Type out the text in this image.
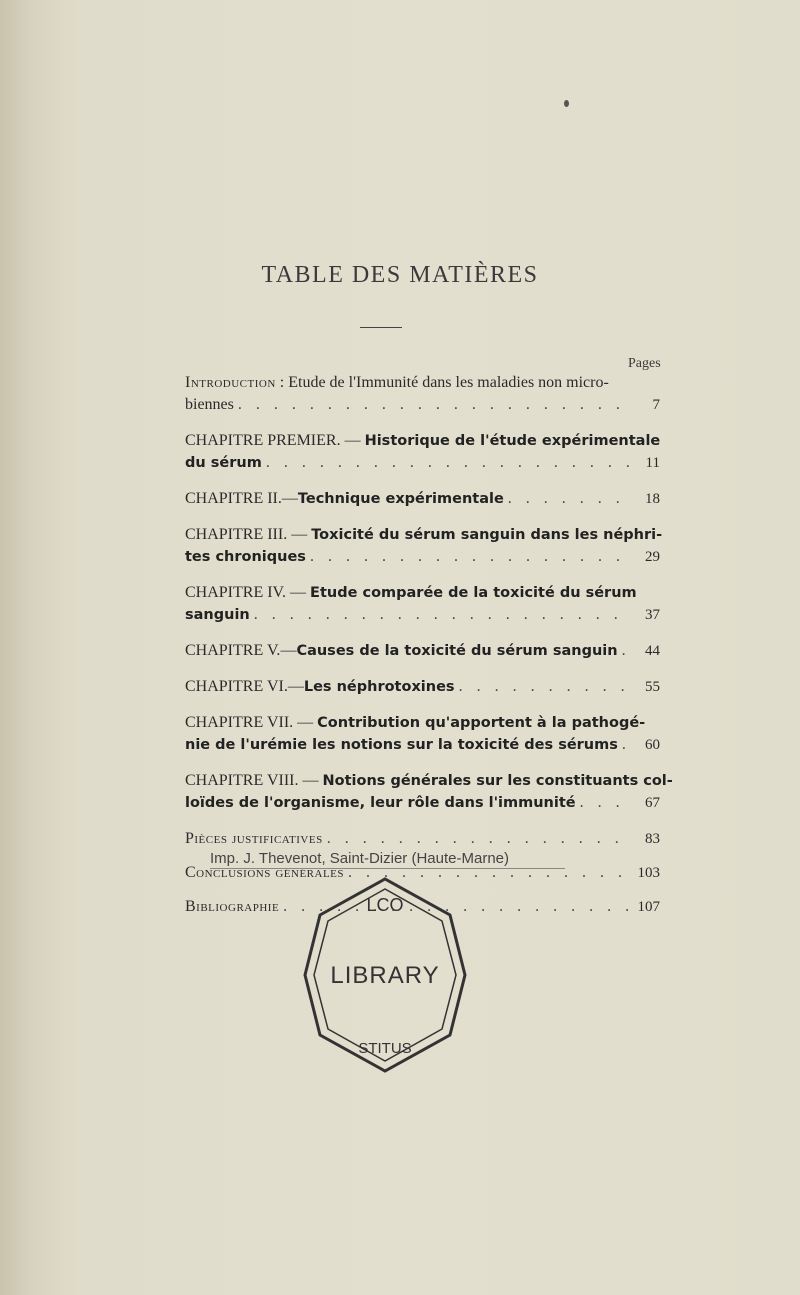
TABLE DES MATIÈRES
Pages
Introduction : Etude de l'Immunité dans les maladies non micro-
biennes . . .	7
CHAPITRE PREMIER. — Historique de l'étude expérimentale
du sérum . . .	11
CHAPITRE II. — Technique expérimentale . . .	18
CHAPITRE III. — Toxicité du sérum sanguin dans les néphri-
tes chroniques . . .	29
CHAPITRE IV. — Etude comparée de la toxicité du sérum
sanguin . . .	37
CHAPITRE V. — Causes de la toxicité du sérum sanguin . . .	44
CHAPITRE VI. — Les néphrotoxines . . .	55
CHAPITRE VII. — Contribution qu'apportent à la pathogé-
nie de l'urémie les notions sur la toxicité des sérums . . .	60
CHAPITRE VIII. — Notions générales sur les constituants col-
loïdes de l'organisme, leur rôle dans l'immunité . . .	67
Pièces justificatives . . .	83
Conclusions générales . . .	103
Bibliographie . . .	107
Imp. J. Thevenot, Saint-Dizier (Haute-Marne)
LCO
LIBRARY
STITUS
